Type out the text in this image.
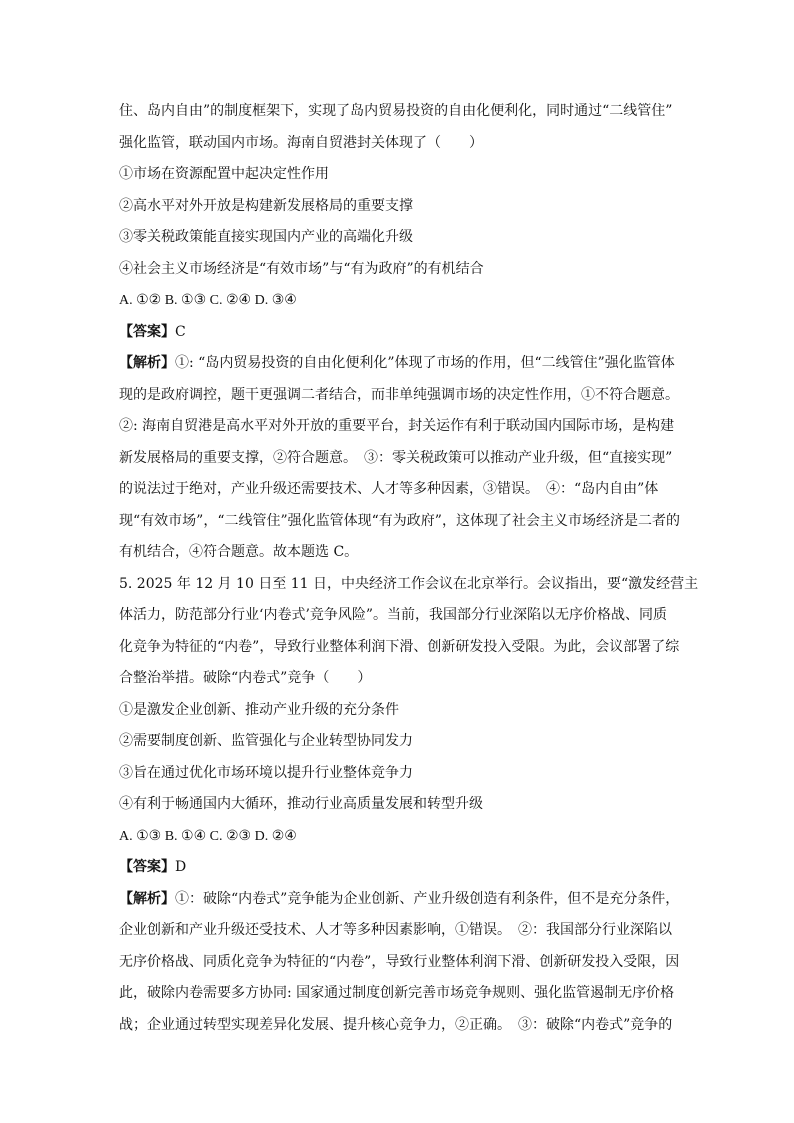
住、岛内自由”的制度框架下，实现了岛内贸易投资的自由化便利化，同时通过“二线管住”
强化监管，联动国内市场。海南自贸港封关体现了（　　）
①市场在资源配置中起决定性作用
②高水平对外开放是构建新发展格局的重要支撑
③零关税政策能直接实现国内产业的高端化升级
④社会主义市场经济是“有效市场”与“有为政府”的有机结合
A. ①② B. ①③ C. ②④ D. ③④
【答案】C
【解析】①: “岛内贸易投资的自由化便利化”体现了市场的作用，但“二线管住”强化监管体
现的是政府调控，题干更强调二者结合，而非单纯强调市场的决定性作用，①不符合题意。
②: 海南自贸港是高水平对外开放的重要平台，封关运作有利于联动国内国际市场，是构建
新发展格局的重要支撑，②符合题意。　③：零关税政策可以推动产业升级，但“直接实现”
的说法过于绝对，产业升级还需要技术、人才等多种因素，③错误。　④：“岛内自由”体
现“有效市场”，“二线管住”强化监管体现“有为政府”，这体现了社会主义市场经济是二者的
有机结合，④符合题意。故本题选 C。
5. 2025 年 12 月 10 日至 11 日，中央经济工作会议在北京举行。会议指出，要“激发经营主
体活力，防范部分行业‘内卷式’竞争风险”。当前，我国部分行业深陷以无序价格战、同质
化竞争为特征的“内卷”，导致行业整体利润下滑、创新研发投入受限。为此，会议部署了综
合整治举措。破除“内卷式”竞争（　　）
①是激发企业创新、推动产业升级的充分条件
②需要制度创新、监管强化与企业转型协同发力
③旨在通过优化市场环境以提升行业整体竞争力
④有利于畅通国内大循环，推动行业高质量发展和转型升级
A. ①③ B. ①④ C. ②③ D. ②④
【答案】D
【解析】①：破除“内卷式”竞争能为企业创新、产业升级创造有利条件，但不是充分条件，
企业创新和产业升级还受技术、人才等多种因素影响，①错误。　②：我国部分行业深陷以
无序价格战、同质化竞争为特征的“内卷”，导致行业整体利润下滑、创新研发投入受限，因
此，破除内卷需要多方协同: 国家通过制度创新完善市场竞争规则、强化监管遏制无序价格
战；企业通过转型实现差异化发展、提升核心竞争力，②正确。　③：破除“内卷式”竞争的
